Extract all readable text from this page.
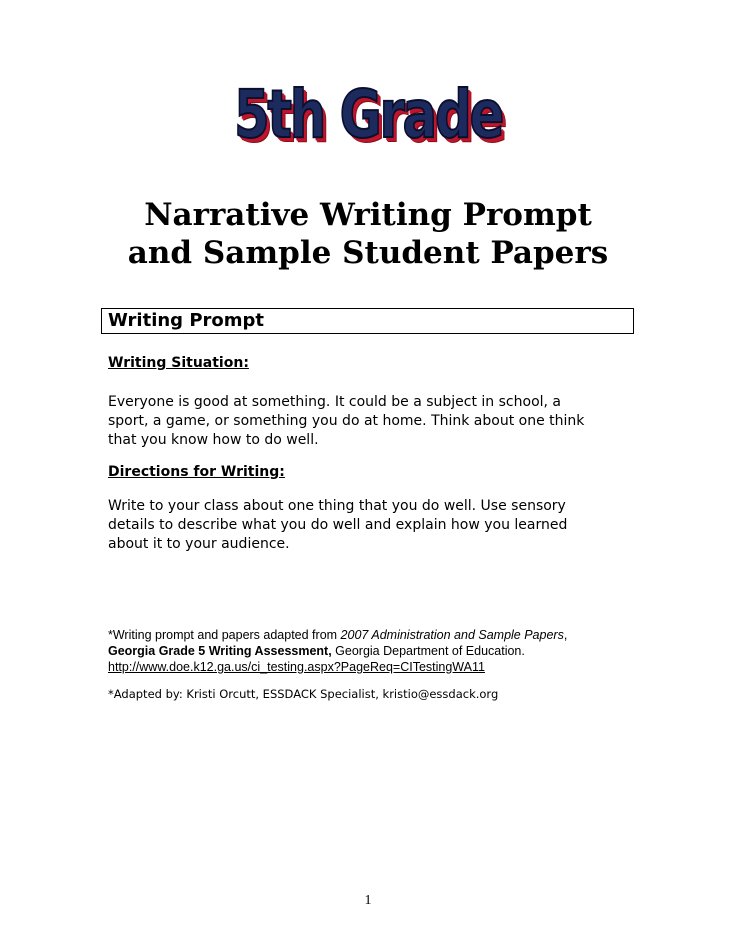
5th Grade
Narrative Writing Prompt
and Sample Student Papers
Writing Prompt
Writing Situation:
Everyone is good at something. It could be a subject in school, a
sport, a game, or something you do at home. Think about one think
that you know how to do well.
Directions for Writing:
Write to your class about one thing that you do well. Use sensory
details to describe what you do well and explain how you learned
about it to your audience.
*Writing prompt and papers adapted from 2007 Administration and Sample Papers,
Georgia Grade 5 Writing Assessment, Georgia Department of Education.
http://www.doe.k12.ga.us/ci_testing.aspx?PageReq=CITestingWA11
*Adapted by: Kristi Orcutt, ESSDACK Specialist, kristio@essdack.org
1
